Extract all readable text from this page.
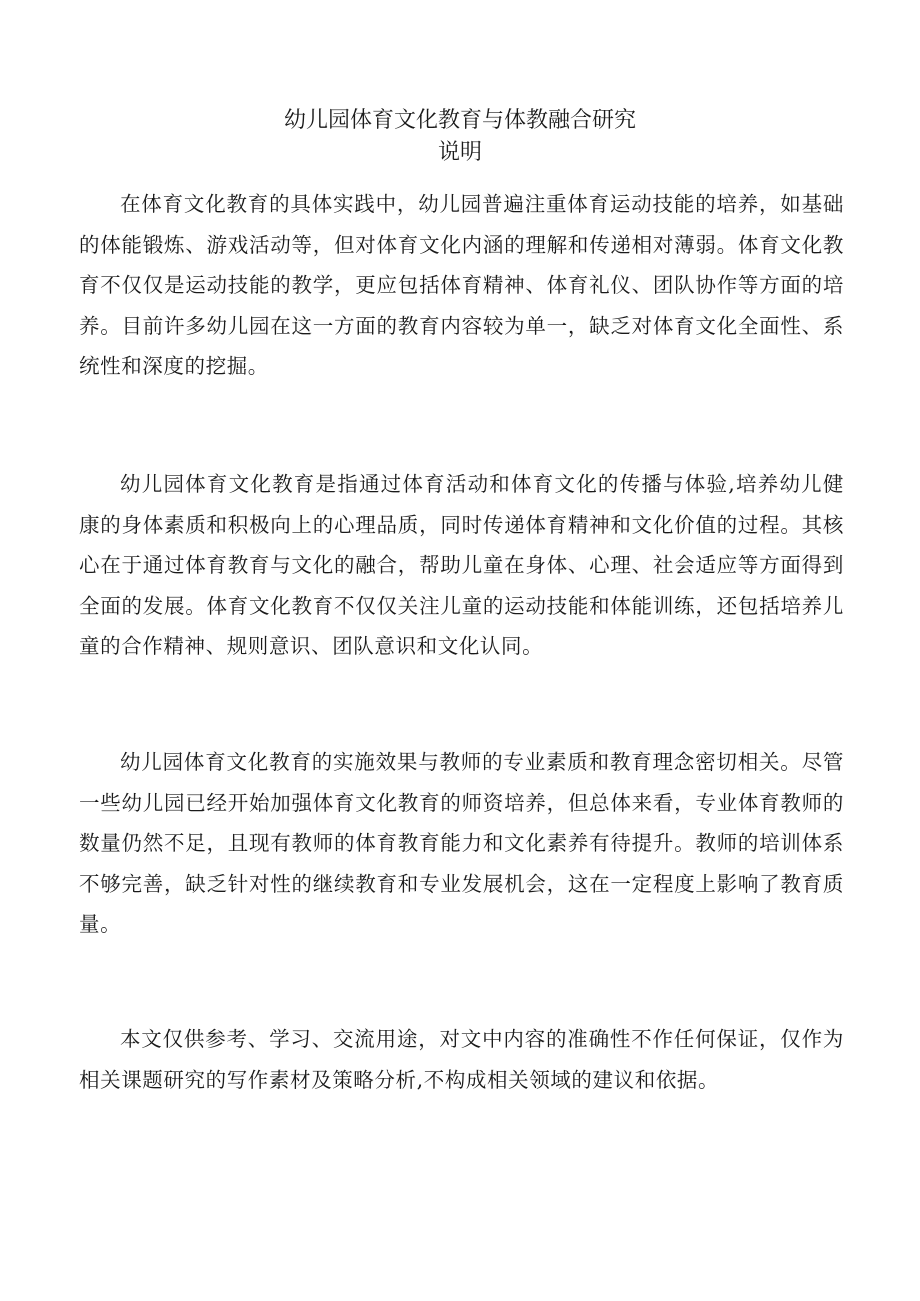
幼儿园体育文化教育与体教融合研究
说明

在体育文化教育的具体实践中，幼儿园普遍注重体育运动技能的培养，如基础的体能锻炼、游戏活动等，但对体育文化内涵的理解和传递相对薄弱。体育文化教育不仅仅是运动技能的教学，更应包括体育精神、体育礼仪、团队协作等方面的培养。目前许多幼儿园在这一方面的教育内容较为单一，缺乏对体育文化全面性、系统性和深度的挖掘。

幼儿园体育文化教育是指通过体育活动和体育文化的传播与体验,培养幼儿健康的身体素质和积极向上的心理品质，同时传递体育精神和文化价值的过程。其核心在于通过体育教育与文化的融合，帮助儿童在身体、心理、社会适应等方面得到全面的发展。体育文化教育不仅仅关注儿童的运动技能和体能训练，还包括培养儿童的合作精神、规则意识、团队意识和文化认同。

幼儿园体育文化教育的实施效果与教师的专业素质和教育理念密切相关。尽管一些幼儿园已经开始加强体育文化教育的师资培养，但总体来看，专业体育教师的数量仍然不足，且现有教师的体育教育能力和文化素养有待提升。教师的培训体系不够完善，缺乏针对性的继续教育和专业发展机会，这在一定程度上影响了教育质量。

本文仅供参考、学习、交流用途，对文中内容的准确性不作任何保证，仅作为相关课题研究的写作素材及策略分析,不构成相关领域的建议和依据。
